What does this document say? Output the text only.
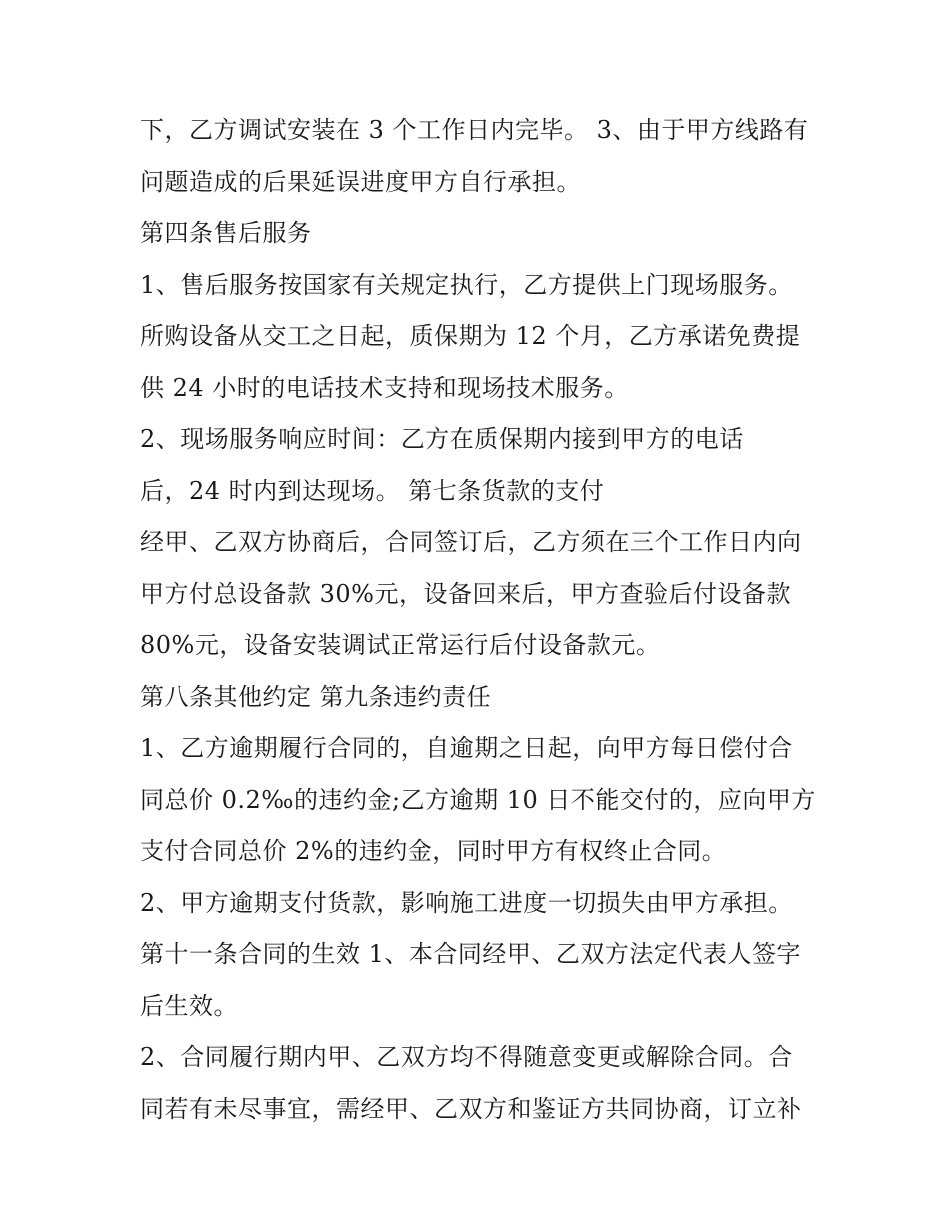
下，乙方调试安装在 3 个工作日内完毕。 3、由于甲方线路有
问题造成的后果延误进度甲方自行承担。
第四条售后服务
1、售后服务按国家有关规定执行，乙方提供上门现场服务。
所购设备从交工之日起，质保期为 12 个月，乙方承诺免费提
供 24 小时的电话技术支持和现场技术服务。
2、现场服务响应时间：乙方在质保期内接到甲方的电话
后，24 时内到达现场。 第七条货款的支付
经甲、乙双方协商后，合同签订后，乙方须在三个工作日内向
甲方付总设备款 30%元，设备回来后，甲方查验后付设备款
80%元，设备安装调试正常运行后付设备款元。
第八条其他约定 第九条违约责任
1、乙方逾期履行合同的，自逾期之日起，向甲方每日偿付合
同总价 0.2‰的违约金;乙方逾期 10 日不能交付的，应向甲方
支付合同总价 2%的违约金，同时甲方有权终止合同。
2、甲方逾期支付货款，影响施工进度一切损失由甲方承担。
第十一条合同的生效 1、本合同经甲、乙双方法定代表人签字
后生效。
2、合同履行期内甲、乙双方均不得随意变更或解除合同。合
同若有未尽事宜，需经甲、乙双方和鉴证方共同协商，订立补
